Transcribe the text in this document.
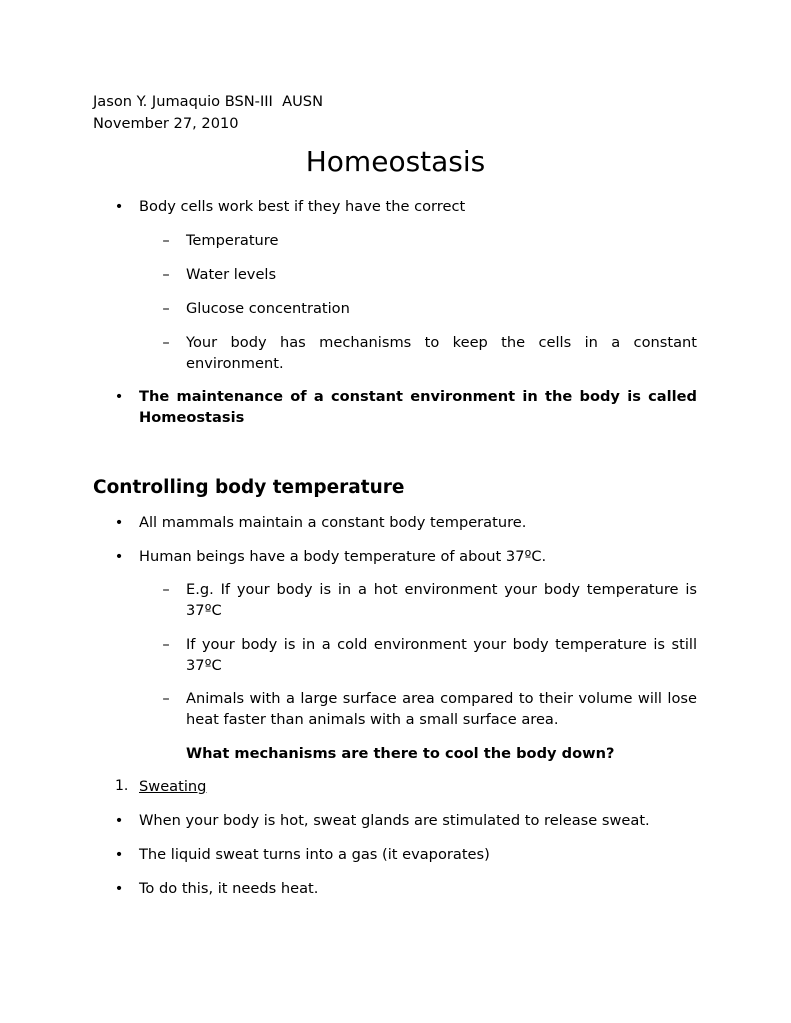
Jason Y. Jumaquio BSN-III  AUSN
November 27, 2010
Homeostasis
• Body cells work best if they have the correct
– Temperature
– Water levels
– Glucose concentration
– Your body has mechanisms to keep the cells in a constant environment.
• The maintenance of a constant environment in the body is called Homeostasis
Controlling body temperature
• All mammals maintain a constant body temperature.
• Human beings have a body temperature of about 37ºC.
– E.g. If your body is in a hot environment your body temperature is 37ºC
– If your body is in a cold environment your body temperature is still 37ºC
– Animals with a large surface area compared to their volume will lose heat faster than animals with a small surface area.
What mechanisms are there to cool the body down?
1. Sweating
• When your body is hot, sweat glands are stimulated to release sweat.
• The liquid sweat turns into a gas (it evaporates)
• To do this, it needs heat.
